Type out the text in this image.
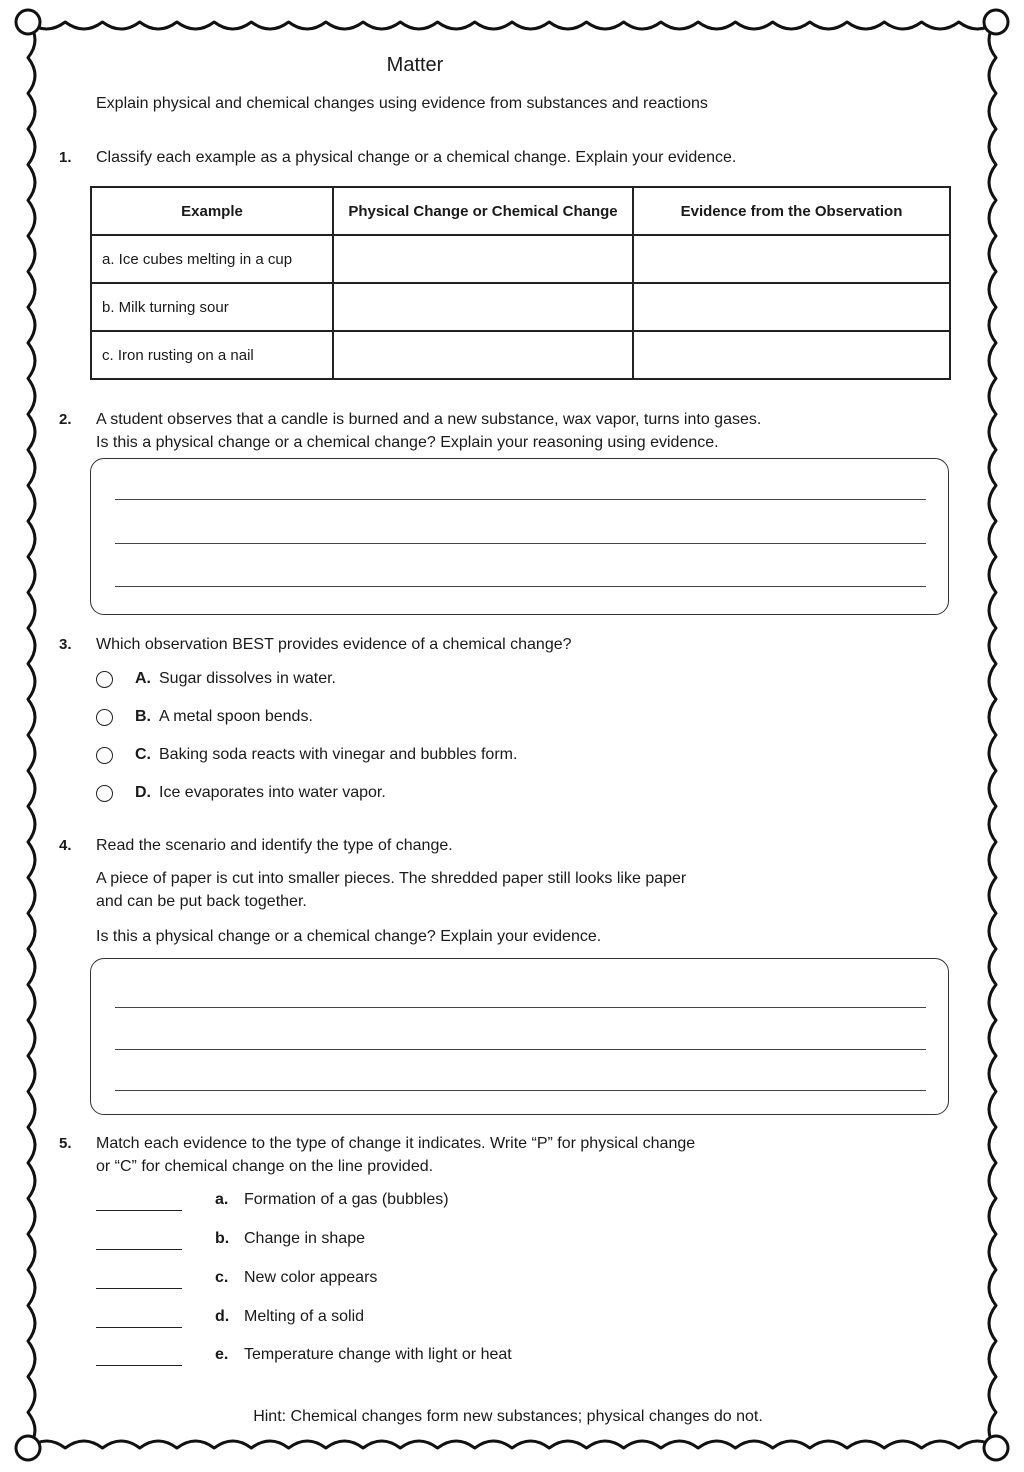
Matter
Explain physical and chemical changes using evidence from substances and reactions
1. Classify each example as a physical change or a chemical change. Explain your evidence.
Example	Physical Change or Chemical Change	Evidence from the Observation
a. Ice cubes melting in a cup		
b. Milk turning sour		
c. Iron rusting on a nail		
2. A student observes that a candle is burned and a new substance, wax vapor, turns into gases.
Is this a physical change or a chemical change? Explain your reasoning using evidence.
3. Which observation BEST provides evidence of a chemical change?
A. Sugar dissolves in water.
B. A metal spoon bends.
C. Baking soda reacts with vinegar and bubbles form.
D. Ice evaporates into water vapor.
4. Read the scenario and identify the type of change.
A piece of paper is cut into smaller pieces. The shredded paper still looks like paper
and can be put back together.
Is this a physical change or a chemical change? Explain your evidence.
5. Match each evidence to the type of change it indicates. Write “P” for physical change
or “C” for chemical change on the line provided.
a. Formation of a gas (bubbles)
b. Change in shape
c. New color appears
d. Melting of a solid
e. Temperature change with light or heat
Hint: Chemical changes form new substances; physical changes do not.
